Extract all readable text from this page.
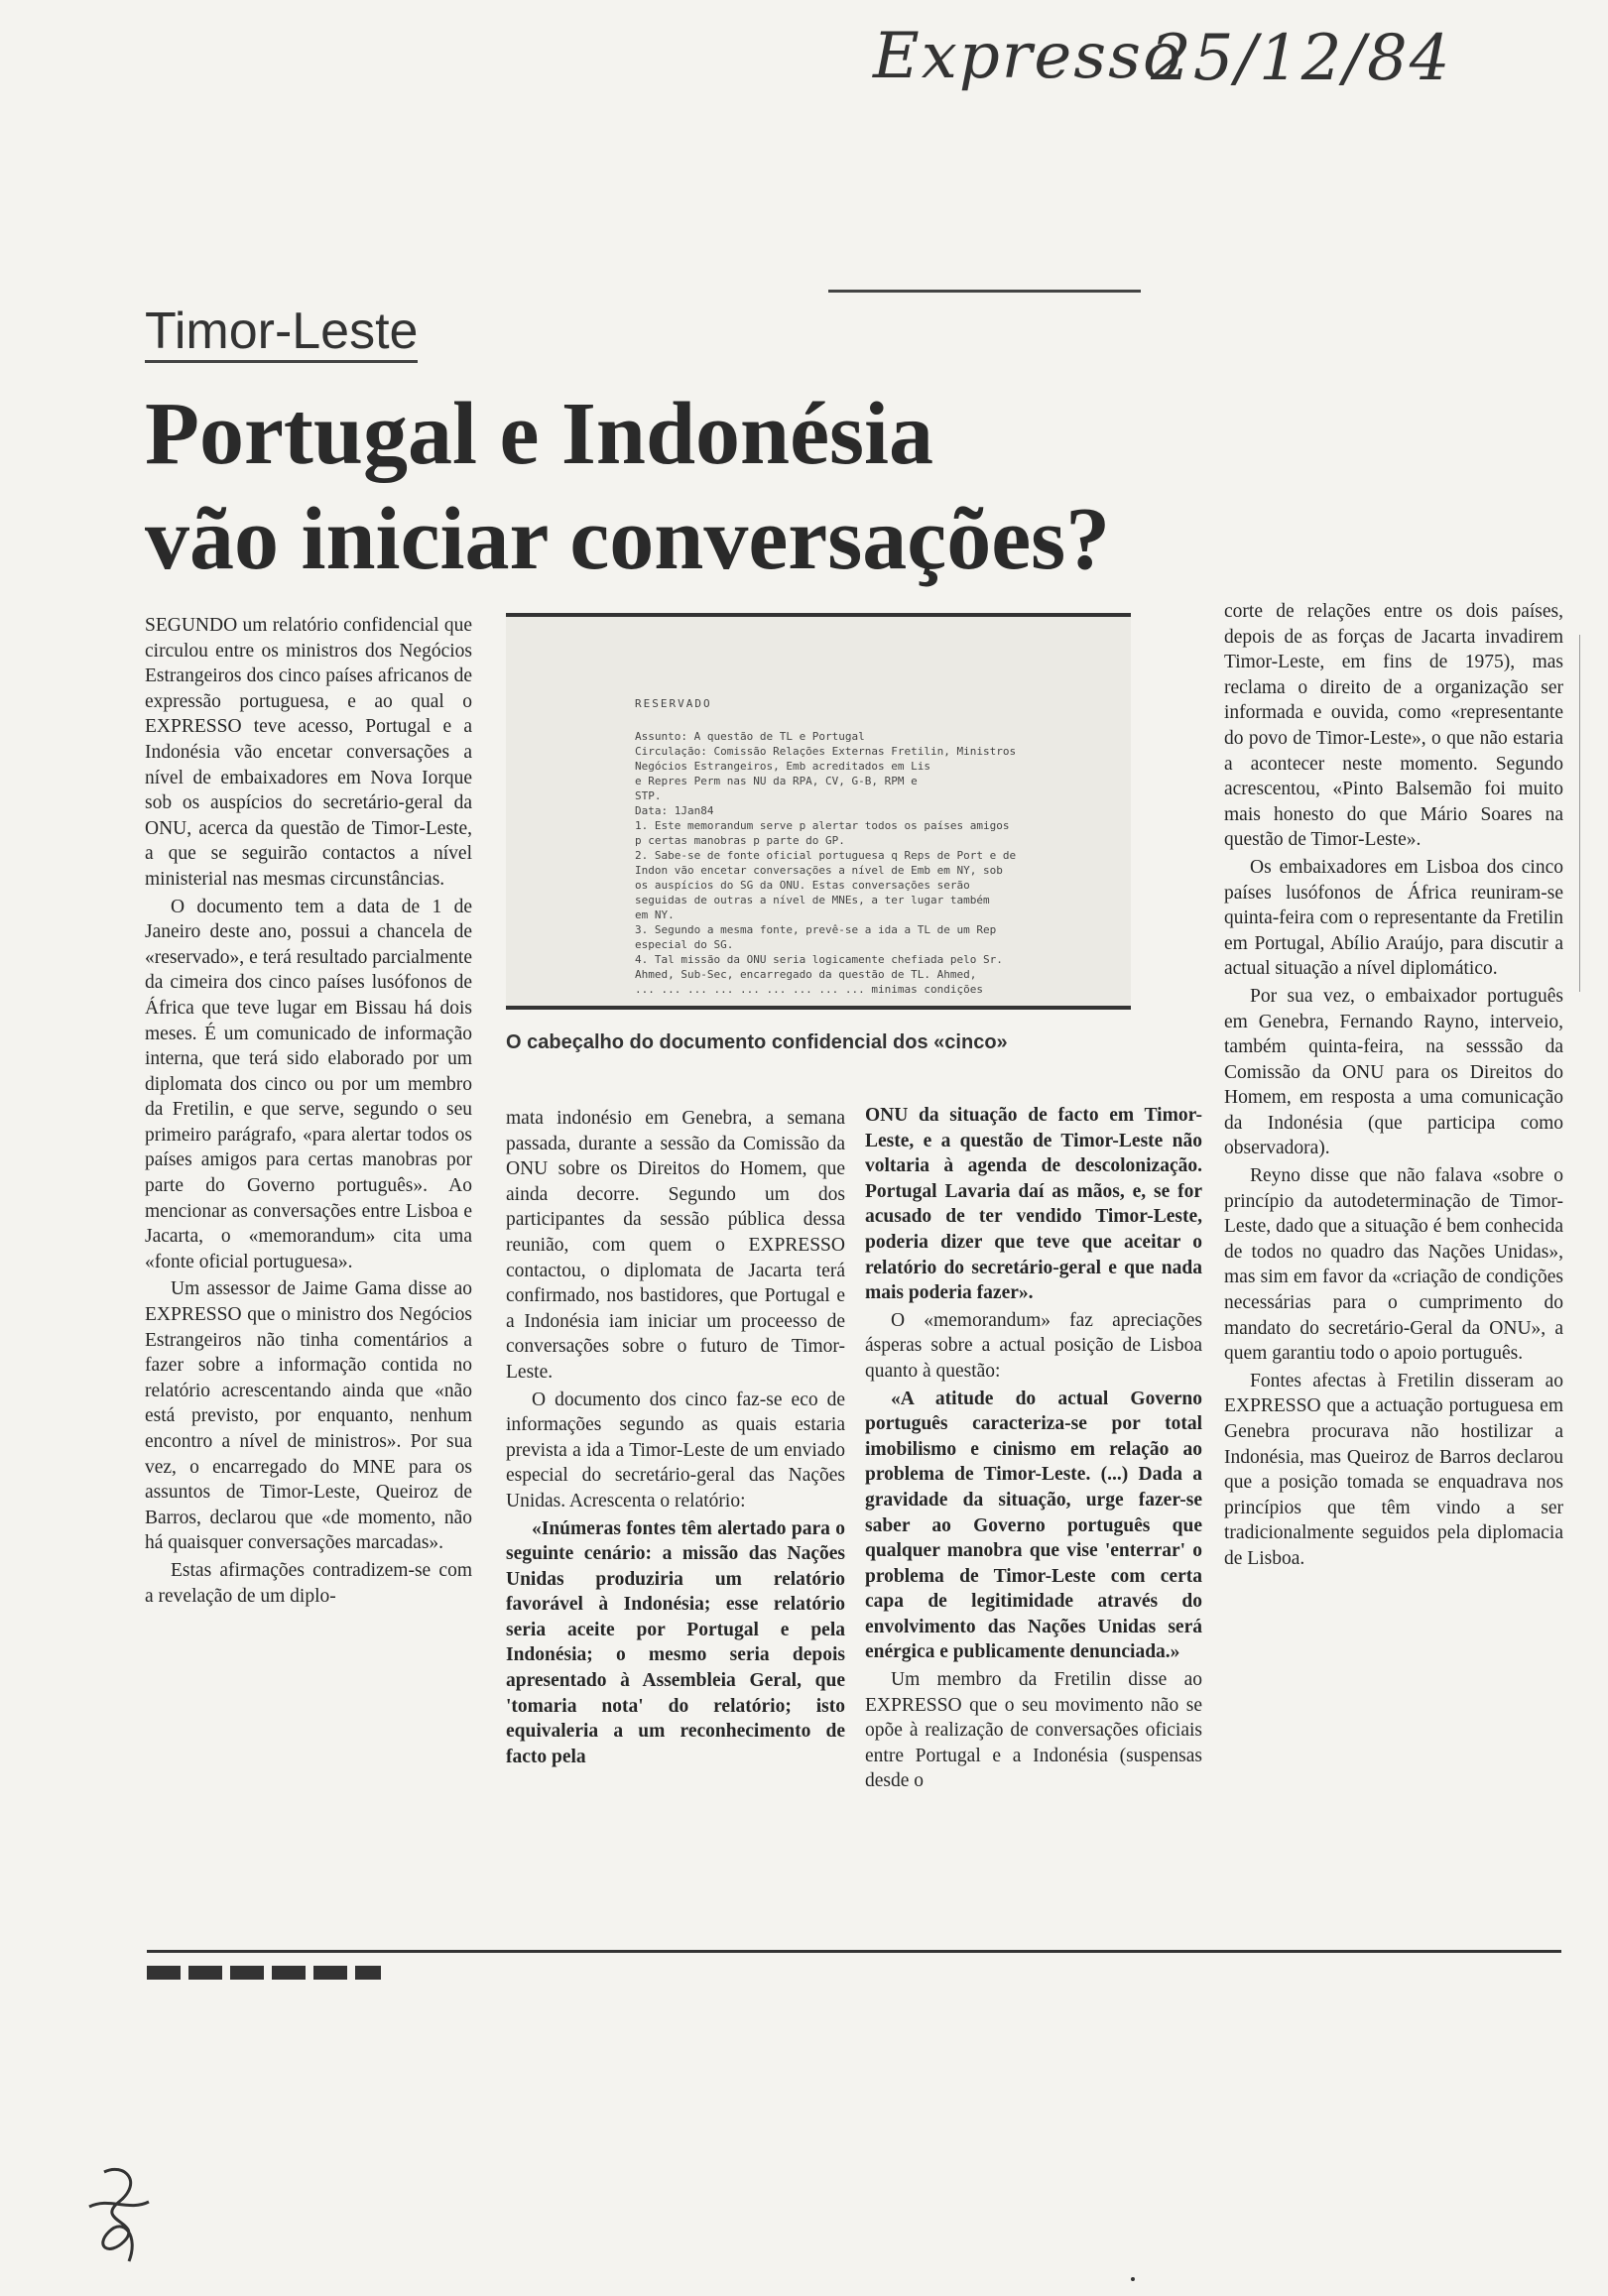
Expresso
25/12/84
Timor-Leste
Portugal e Indonésia
vão iniciar conversações?

SEGUNDO um relatório confidencial que circulou entre os ministros dos Negócios Estrangeiros dos cinco países africanos de expressão portuguesa, e ao qual o EXPRESSO teve acesso, Portugal e a Indonésia vão encetar conversações a nível de embaixadores em Nova Iorque sob os auspícios do secretário-geral da ONU, acerca da questão de Timor-Leste, a que se seguirão contactos a nível ministerial nas mesmas circunstâncias.

O documento tem a data de 1 de Janeiro deste ano, possui a chancela de «reservado», e terá resultado parcialmente da cimeira dos cinco países lusófonos de África que teve lugar em Bissau há dois meses. É um comunicado de informação interna, que terá sido elaborado por um diplomata dos cinco ou por um membro da Fretilin, e que serve, segundo o seu primeiro parágrafo, «para alertar todos os países amigos para certas manobras por parte do Governo português». Ao mencionar as conversações entre Lisboa e Jacarta, o «memorandum» cita uma «fonte oficial portuguesa».

Um assessor de Jaime Gama disse ao EXPRESSO que o ministro dos Negócios Estrangeiros não tinha comentários a fazer sobre a informação contida no relatório acrescentando ainda que «não está previsto, por enquanto, nenhum encontro a nível de ministros». Por sua vez, o encarregado do MNE para os assuntos de Timor-Leste, Queiroz de Barros, declarou que «de momento, não há quaisquer conversações marcadas».

Estas afirmações contradizem-se com a revelação de um diplo-

RESERVADO
Assunto: A questão de TL e Portugal
Circulação: Comissão Relações Externas Fretilin, Ministros
Negócios Estrangeiros, Emb acreditados em Lis
e Repres Perm nas NU da RPA, CV, G-B, RPM e
STP.
Data: 1Jan84
1. Este memorandum serve p alertar todos os países amigos
p certas manobras p parte do GP.
2. Sabe-se de fonte oficial portuguesa q Reps de Port e de
Indon vão encetar conversações a nível de Emb em NY, sob
os auspícios do SG da ONU. Estas conversações serão
seguidas de outras a nível de MNEs, a ter lugar também
em NY.
3. Segundo a mesma fonte, prevê-se a ida a TL de um Rep
especial do SG.
4. Tal missão da ONU seria logicamente chefiada pelo Sr.
Ahmed, Sub-Sec, encarregado da questão de TL. Ahmed,
... ... ... ... ... ... ... ... ... minimas condições
O cabeçalho do documento confidencial dos «cinco»

mata indonésio em Genebra, a semana passada, durante a sessão da Comissão da ONU sobre os Direitos do Homem, que ainda decorre. Segundo um dos participantes da sessão pública dessa reunião, com quem o EXPRESSO contactou, o diplomata de Jacarta terá confirmado, nos bastidores, que Portugal e a Indonésia iam iniciar um proceesso de conversações sobre o futuro de Timor-Leste.

O documento dos cinco faz-se eco de informações segundo as quais estaria prevista a ida a Timor-Leste de um enviado especial do secretário-geral das Nações Unidas. Acrescenta o relatório:

«Inúmeras fontes têm alertado para o seguinte cenário: a missão das Nações Unidas produziria um relatório favorável à Indonésia; esse relatório seria aceite por Portugal e pela Indonésia; o mesmo seria depois apresentado à Assembleia Geral, que 'tomaria nota' do relatório; isto equivaleria a um reconhecimento de facto pela

ONU da situação de facto em Timor-Leste, e a questão de Timor-Leste não voltaria à agenda de descolonização. Portugal Lavaria daí as mãos, e, se for acusado de ter vendido Timor-Leste, poderia dizer que teve que aceitar o relatório do secretário-geral e que nada mais poderia fazer».

O «memorandum» faz apreciações ásperas sobre a actual posição de Lisboa quanto à questão:

«A atitude do actual Governo português caracteriza-se por total imobilismo e cinismo em relação ao problema de Timor-Leste. (...) Dada a gravidade da situação, urge fazer-se saber ao Governo português que qualquer manobra que vise 'enterrar' o problema de Timor-Leste com certa capa de legitimidade através do envolvimento das Nações Unidas será enérgica e publicamente denunciada.»

Um membro da Fretilin disse ao EXPRESSO que o seu movimento não se opõe à realização de conversações oficiais entre Portugal e a Indonésia (suspensas desde o

corte de relações entre os dois países, depois de as forças de Jacarta invadirem Timor-Leste, em fins de 1975), mas reclama o direito de a organização ser informada e ouvida, como «representante do povo de Timor-Leste», o que não estaria a acontecer neste momento. Segundo acrescentou, «Pinto Balsemão foi muito mais honesto do que Mário Soares na questão de Timor-Leste».

Os embaixadores em Lisboa dos cinco países lusófonos de África reuniram-se quinta-feira com o representante da Fretilin em Portugal, Abílio Araújo, para discutir a actual situação a nível diplomático.

Por sua vez, o embaixador português em Genebra, Fernando Rayno, interveio, também quinta-feira, na sesssão da Comissão da ONU para os Direitos do Homem, em resposta a uma comunicação da Indonésia (que participa como observadora).

Reyno disse que não falava «sobre o princípio da autodeterminação de Timor-Leste, dado que a situação é bem conhecida de todos no quadro das Nações Unidas», mas sim em favor da «criação de condições necessárias para o cumprimento do mandato do secretário-Geral da ONU», a quem garantiu todo o apoio português.

Fontes afectas à Fretilin disseram ao EXPRESSO que a actuação portuguesa em Genebra procurava não hostilizar a Indonésia, mas Queiroz de Barros declarou que a posição tomada se enquadrava nos princípios que têm vindo a ser tradicionalmente seguidos pela diplomacia de Lisboa.
